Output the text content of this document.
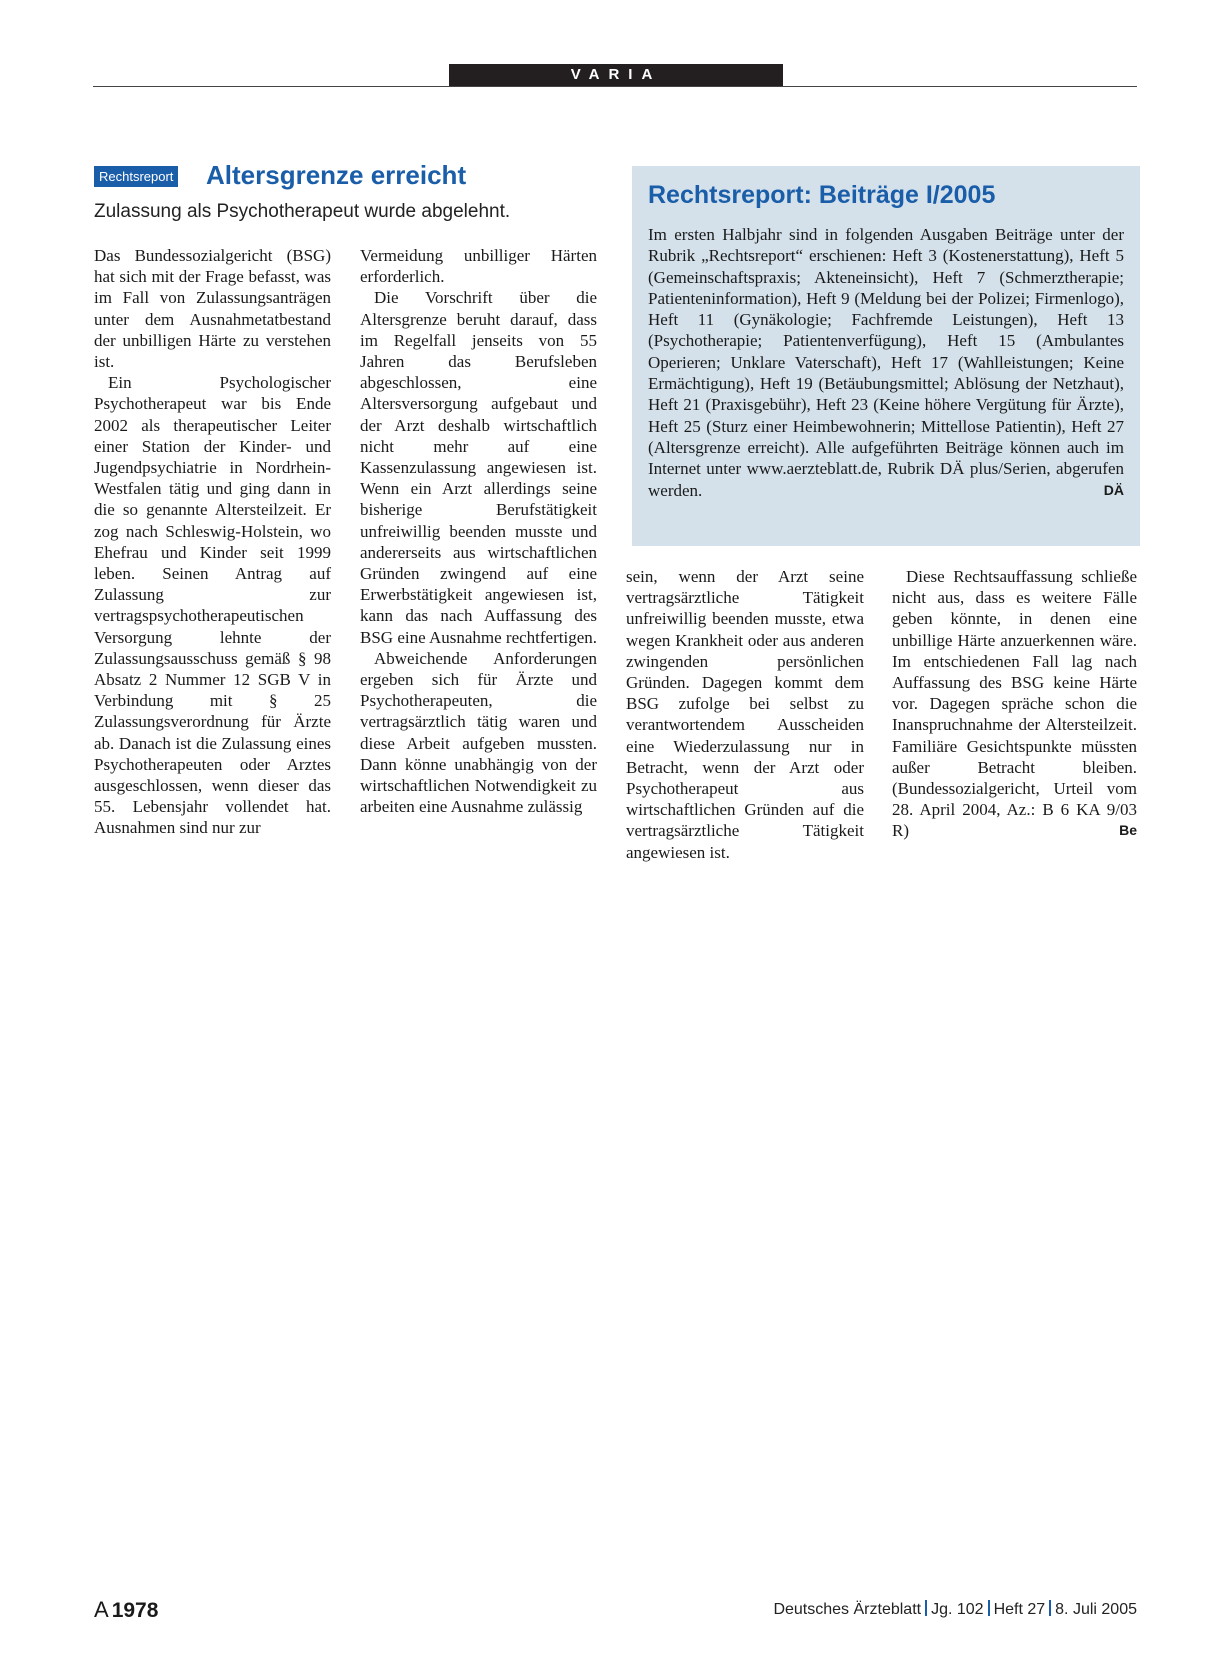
VARIA
Rechtsreport Altersgrenze erreicht

Zulassung als Psychotherapeut wurde abgelehnt.

Das Bundessozialgericht (BSG) hat sich mit der Frage befasst, was im Fall von Zulassungsanträgen unter dem Ausnahmetatbestand der unbilligen Härte zu verstehen ist.

Ein Psychologischer Psychotherapeut war bis Ende 2002 als therapeutischer Leiter einer Station der Kinder- und Jugendpsychiatrie in Nordrhein-Westfalen tätig und ging dann in die so genannte Altersteilzeit. Er zog nach Schleswig-Holstein, wo Ehefrau und Kinder seit 1999 leben. Seinen Antrag auf Zulassung zur vertragspsychotherapeutischen Versorgung lehnte der Zulassungsausschuss gemäß § 98 Absatz 2 Nummer 12 SGB V in Verbindung mit § 25 Zulassungsverordnung für Ärzte ab. Danach ist die Zulassung eines Psychotherapeuten oder Arztes ausgeschlossen, wenn dieser das 55. Lebensjahr vollendet hat. Ausnahmen sind nur zur

Vermeidung unbilliger Härten erforderlich.

Die Vorschrift über die Altersgrenze beruht darauf, dass im Regelfall jenseits von 55 Jahren das Berufsleben abgeschlossen, eine Altersversorgung aufgebaut und der Arzt deshalb wirtschaftlich nicht mehr auf eine Kassenzulassung angewiesen ist. Wenn ein Arzt allerdings seine bisherige Berufstätigkeit unfreiwillig beenden musste und andererseits aus wirtschaftlichen Gründen zwingend auf eine Erwerbstätigkeit angewiesen ist, kann das nach Auffassung des BSG eine Ausnahme rechtfertigen.

Abweichende Anforderungen ergeben sich für Ärzte und Psychotherapeuten, die vertragsärztlich tätig waren und diese Arbeit aufgeben mussten. Dann könne unabhängig von der wirtschaftlichen Notwendigkeit zu arbeiten eine Ausnahme zulässig

Rechtsreport: Beiträge I/2005

Im ersten Halbjahr sind in folgenden Ausgaben Beiträge unter der Rubrik „Rechtsreport“ erschienen: Heft 3 (Kostenerstattung), Heft 5 (Gemeinschaftspraxis; Akteneinsicht), Heft 7 (Schmerztherapie; Patienteninformation), Heft 9 (Meldung bei der Polizei; Firmenlogo), Heft 11 (Gynäkologie; Fachfremde Leistungen), Heft 13 (Psychotherapie; Patientenverfügung), Heft 15 (Ambulantes Operieren; Unklare Vaterschaft), Heft 17 (Wahlleistungen; Keine Ermächtigung), Heft 19 (Betäubungsmittel; Ablösung der Netzhaut), Heft 21 (Praxisgebühr), Heft 23 (Keine höhere Vergütung für Ärzte), Heft 25 (Sturz einer Heimbewohnerin; Mittellose Patientin), Heft 27 (Altersgrenze erreicht). Alle aufgeführten Beiträge können auch im Internet unter www.aerzteblatt.de, Rubrik DÄ plus/Serien, abgerufen werden.	DÄ

sein, wenn der Arzt seine vertragsärztliche Tätigkeit unfreiwillig beenden musste, etwa wegen Krankheit oder aus anderen zwingenden persönlichen Gründen. Dagegen kommt dem BSG zufolge bei selbst zu verantwortendem Ausscheiden eine Wiederzulassung nur in Betracht, wenn der Arzt oder Psychotherapeut aus wirtschaftlichen Gründen auf die vertragsärztliche Tätigkeit angewiesen ist.

Diese Rechtsauffassung schließe nicht aus, dass es weitere Fälle geben könnte, in denen eine unbillige Härte anzuerkennen wäre. Im entschiedenen Fall lag nach Auffassung des BSG keine Härte vor. Dagegen spräche schon die Inanspruchnahme der Altersteilzeit. Familiäre Gesichtspunkte müssten außer Betracht bleiben. (Bundessozialgericht, Urteil vom 28. April 2004, Az.: B 6 KA 9/03 R)	Be

A 1978	Deutsches Ärzteblatt Jg. 102 Heft 27 8. Juli 2005
